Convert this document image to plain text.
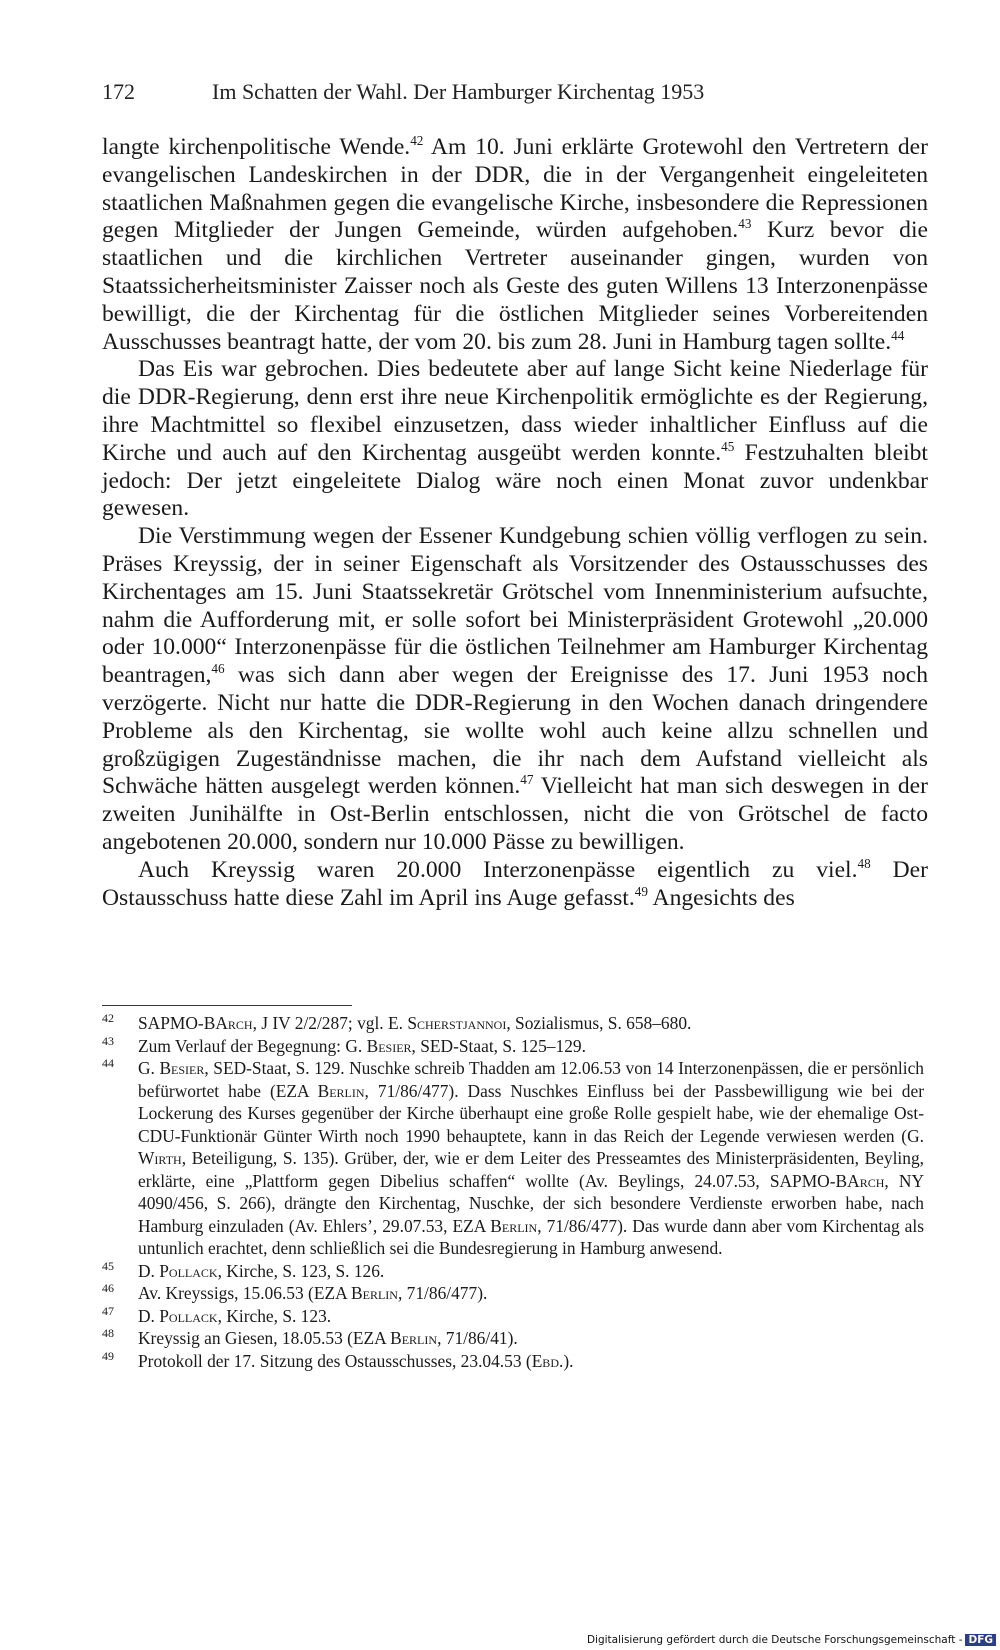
172	Im Schatten der Wahl. Der Hamburger Kirchentag 1953

langte kirchenpolitische Wende.$^{42}$ Am 10. Juni erklärte Grotewohl den Vertretern der evangelischen Landeskirchen in der DDR, die in der Vergangenheit eingeleiteten staatlichen Maßnahmen gegen die evangelische Kirche, insbesondere die Repressionen gegen Mitglieder der Jungen Gemeinde, würden aufgehoben.$^{43}$ Kurz bevor die staatlichen und die kirchlichen Vertreter auseinander gingen, wurden von Staatssicherheitsminister Zaisser noch als Geste des guten Willens 13 Interzonenpässe bewilligt, die der Kirchentag für die östlichen Mitglieder seines Vorbereitenden Ausschusses beantragt hatte, der vom 20. bis zum 28. Juni in Hamburg tagen sollte.$^{44}$

Das Eis war gebrochen. Dies bedeutete aber auf lange Sicht keine Niederlage für die DDR-Regierung, denn erst ihre neue Kirchenpolitik ermöglichte es der Regierung, ihre Machtmittel so flexibel einzusetzen, dass wieder inhaltlicher Einfluss auf die Kirche und auch auf den Kirchentag ausgeübt werden konnte.$^{45}$ Festzuhalten bleibt jedoch: Der jetzt eingeleitete Dialog wäre noch einen Monat zuvor undenkbar gewesen.

Die Verstimmung wegen der Essener Kundgebung schien völlig verflogen zu sein. Präses Kreyssig, der in seiner Eigenschaft als Vorsitzender des Ostausschusses des Kirchentages am 15. Juni Staatssekretär Grötschel vom Innenministerium aufsuchte, nahm die Aufforderung mit, er solle sofort bei Ministerpräsident Grotewohl „20.000 oder 10.000“ Interzonenpässe für die östlichen Teilnehmer am Hamburger Kirchentag beantragen,$^{46}$ was sich dann aber wegen der Ereignisse des 17. Juni 1953 noch verzögerte. Nicht nur hatte die DDR-Regierung in den Wochen danach dringendere Probleme als den Kirchentag, sie wollte wohl auch keine allzu schnellen und großzügigen Zugeständnisse machen, die ihr nach dem Aufstand vielleicht als Schwäche hätten ausgelegt werden können.$^{47}$ Vielleicht hat man sich deswegen in der zweiten Junihälfte in Ost-Berlin entschlossen, nicht die von Grötschel de facto angebotenen 20.000, sondern nur 10.000 Pässe zu bewilligen.

Auch Kreyssig waren 20.000 Interzonenpässe eigentlich zu viel.$^{48}$ Der Ostausschuss hatte diese Zahl im April ins Auge gefasst.$^{49}$ Angesichts des

42 SAPMO-BArch, J IV 2/2/287; vgl. E. Scherstjannoi, Sozialismus, S. 658–680.
43 Zum Verlauf der Begegnung: G. Besier, SED-Staat, S. 125–129.
44 G. Besier, SED-Staat, S. 129. Nuschke schreib Thadden am 12.06.53 von 14 Interzonenpässen, die er persönlich befürwortet habe (EZA Berlin, 71/86/477). Dass Nuschkes Einfluss bei der Passbewilligung wie bei der Lockerung des Kurses gegenüber der Kirche überhaupt eine große Rolle gespielt habe, wie der ehemalige Ost-CDU-Funktionär Günter Wirth noch 1990 behauptete, kann in das Reich der Legende verwiesen werden (G. Wirth, Beteiligung, S. 135). Grüber, der, wie er dem Leiter des Presseamtes des Ministerpräsidenten, Beyling, erklärte, eine „Plattform gegen Dibelius schaffen“ wollte (Av. Beylings, 24.07.53, SAPMO-BArch, NY 4090/456, S. 266), drängte den Kirchentag, Nuschke, der sich besondere Verdienste erworben habe, nach Hamburg einzuladen (Av. Ehlers’, 29.07.53, EZA Berlin, 71/86/477). Das wurde dann aber vom Kirchentag als untunlich erachtet, denn schließlich sei die Bundesregierung in Hamburg anwesend.
45 D. Pollack, Kirche, S. 123, S. 126.
46 Av. Kreyssigs, 15.06.53 (EZA Berlin, 71/86/477).
47 D. Pollack, Kirche, S. 123.
48 Kreyssig an Giesen, 18.05.53 (EZA Berlin, 71/86/41).
49 Protokoll der 17. Sitzung des Ostausschusses, 23.04.53 (Ebd.).
Digitalisierung gefördert durch die Deutsche Forschungsgemeinschaft - DFG
